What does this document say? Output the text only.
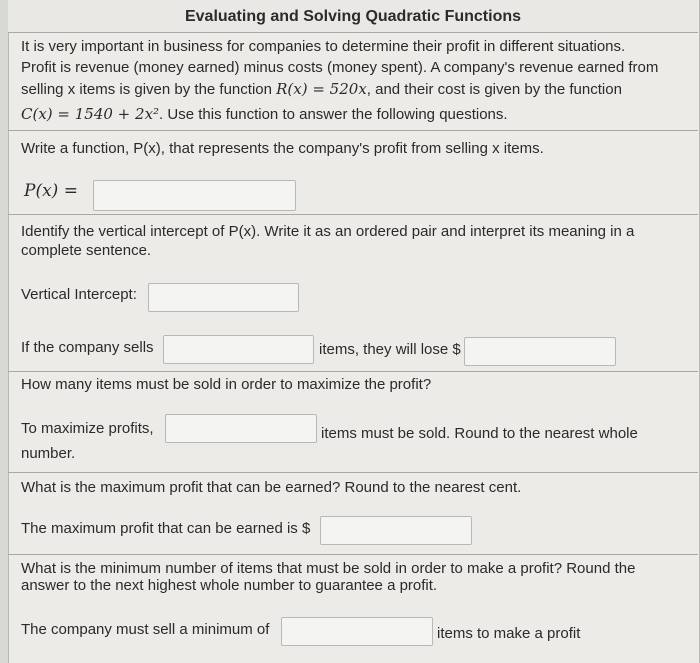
Evaluating and Solving Quadratic Functions
It is very important in business for companies to determine their profit in different situations.
Profit is revenue (money earned) minus costs (money spent). A company's revenue earned from
selling x items is given by the function R(x) = 520x, and their cost is given by the function
C(x) = 1540 + 2x². Use this function to answer the following questions.
Write a function, P(x), that represents the company's profit from selling x items.
P(x) =
Identify the vertical intercept of P(x). Write it as an ordered pair and interpret its meaning in a
complete sentence.
Vertical Intercept:
If the company sells	items, they will lose $
How many items must be sold in order to maximize the profit?
To maximize profits,	items must be sold. Round to the nearest whole
number.
What is the maximum profit that can be earned? Round to the nearest cent.
The maximum profit that can be earned is $
What is the minimum number of items that must be sold in order to make a profit? Round the
answer to the next highest whole number to guarantee a profit.
The company must sell a minimum of	items to make a profit
